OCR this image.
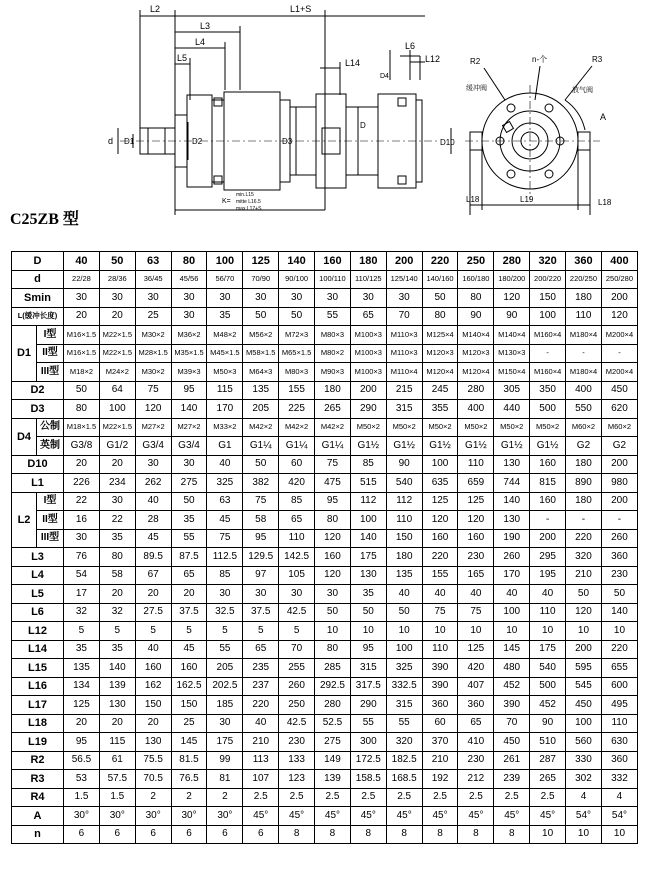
L2	L1+S
L3
L4
L5	L14
L6
L12
d D1	D2	D3
D
D10
D4
L18	L19	L18
R2	n-个	R3
缓冲阀	放气阀
A
K=
min.L15
mitte L16.5
max.L17+S
C25ZB 型
D		40	50	63	80	100	125	140	160	180	200	220	250	280	320	360	400
d		22/28	28/36	36/45	45/56	56/70	70/90	90/100	100/110	110/125	125/140	140/160	160/180	180/200	200/220	220/250	250/280
Smin		30	30	30	30	30	30	30	30	30	30	50	80	120	150	180	200
L(缓冲长度)		20	20	25	30	35	50	50	55	65	70	80	90	90	100	110	120
D1	I型	M16×1.5	M22×1.5	M30×2	M36×2	M48×2	M56×2	M72×3	M80×3	M100×3	M110×3	M125×4	M140×4	M140×4	M160×4	M180×4	M200×4
	II型	M16×1.5	M22×1.5	M28×1.5	M35×1.5	M45×1.5	M58×1.5	M65×1.5	M80×2	M100×3	M110×3	M120×3	M120×3	M130×3	-	-	-
	III型	M18×2	M24×2	M30×2	M39×3	M50×3	M64×3	M80×3	M90×3	M100×3	M110×4	M120×4	M120×4	M150×4	M160×4	M180×4	M200×4
D2		50	64	75	95	115	135	155	180	200	215	245	280	305	350	400	450
D3		80	100	120	140	170	205	225	265	290	315	355	400	440	500	550	620
D4	公制	M18×1.5	M22×1.5	M27×2	M27×2	M33×2	M42×2	M42×2	M42×2	M50×2	M50×2	M50×2	M50×2	M50×2	M50×2	M60×2	M60×2
	英制	G3/8	G1/2	G3/4	G3/4	G1	G1¼	G1¼	G1¼	G1½	G1½	G1½	G1½	G1½	G1½	G2	G2
D10		20	20	30	30	40	50	60	75	85	90	100	110	130	160	180	200
L1		226	234	262	275	325	382	420	475	515	540	635	659	744	815	890	980
L2	I型	22	30	40	50	63	75	85	95	112	112	125	125	140	160	180	200
	II型	16	22	28	35	45	58	65	80	100	110	120	120	130	-	-	-
	III型	30	35	45	55	75	95	110	120	140	150	160	160	190	200	220	260
L3		76	80	89.5	87.5	112.5	129.5	142.5	160	175	180	220	230	260	295	320	360
L4		54	58	67	65	85	97	105	120	130	135	155	165	170	195	210	230
L5		17	20	20	20	30	30	30	30	35	40	40	40	40	40	50	50
L6		32	32	27.5	37.5	32.5	37.5	42.5	50	50	50	75	75	100	110	120	140
L12		5	5	5	5	5	5	5	10	10	10	10	10	10	10	10	10
L14		35	35	40	45	55	65	70	80	95	100	110	125	145	175	200	220
L15		135	140	160	160	205	235	255	285	315	325	390	420	480	540	595	655
L16		134	139	162	162.5	202.5	237	260	292.5	317.5	332.5	390	407	452	500	545	600
L17		125	130	150	150	185	220	250	280	290	315	360	360	390	452	450	495
L18		20	20	20	25	30	40	42.5	52.5	55	55	60	65	70	90	100	110
L19		95	115	130	145	175	210	230	275	300	320	370	410	450	510	560	630
R2		56.5	61	75.5	81.5	99	113	133	149	172.5	182.5	210	230	261	287	330	360
R3		53	57.5	70.5	76.5	81	107	123	139	158.5	168.5	192	212	239	265	302	332
R4		1.5	1.5	2	2	2	2.5	2.5	2.5	2.5	2.5	2.5	2.5	2.5	2.5	4	4
A		30°	30°	30°	30°	30°	45°	45°	45°	45°	45°	45°	45°	45°	45°	54°	54°
n		6	6	6	6	6	6	8	8	8	8	8	8	8	10	10	10
